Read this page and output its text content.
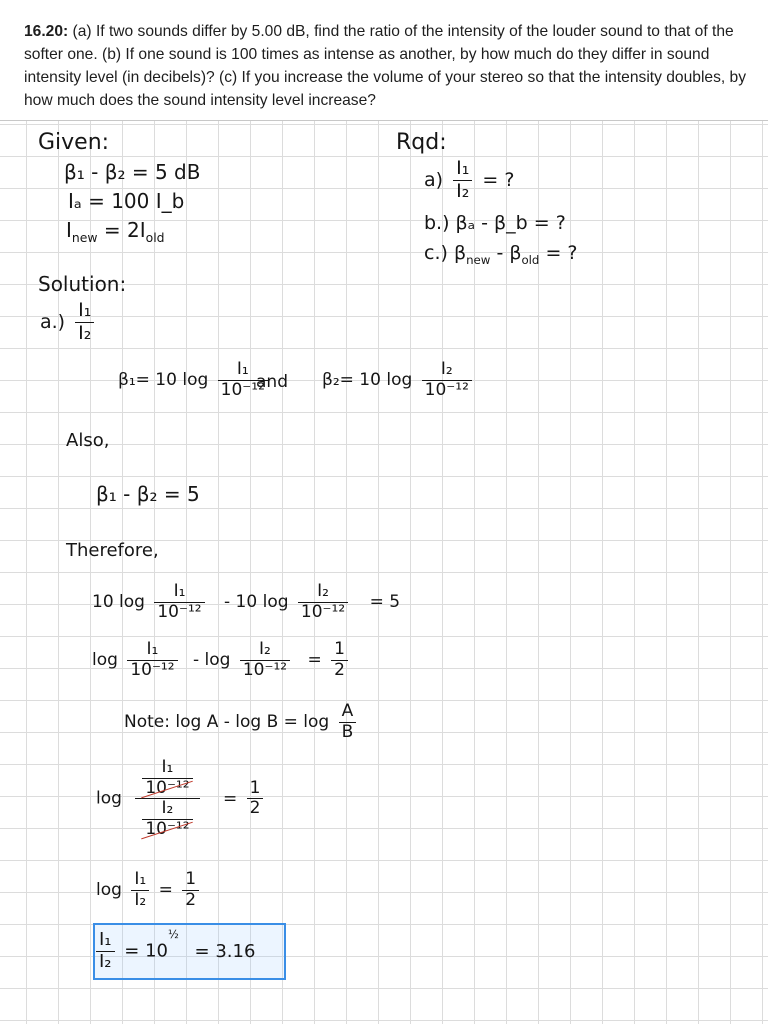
16.20: (a) If two sounds differ by 5.00 dB, find the ratio of the intensity of the louder sound to that of the softer one. (b) If one sound is 100 times as intense as another, by how much do they differ in sound intensity level (in decibels)? (c) If you increase the volume of your stereo so that the intensity doubles, by how much does the sound intensity level increase?

Given:
β₁ - β₂ = 5 dB
Iₐ = 100 I_b
$I_{new} = 2I_{old}$
Rqd:
$a) \frac{\text{I₁}}{\text{I₂}}$ = ?
b.) βₐ - β_b = ?
c.) $\beta_{new} - \beta_{old}$ = ?
Solution:
$a.) \frac{\text{I₁}}{\text{I₂}}$
β₁= 10 $\log \frac{\text{I₁}}{\text{10⁻¹²}}$
and β₂= 10 $\log \frac{\text{I₂}}{\text{10⁻¹²}}$
Also,
β₁ - β₂ = 5
Therefore,
10 $\log \frac{\text{I₁}}{\text{10⁻¹²}} - 10$ $\log \frac{\text{I₂}}{\text{10⁻¹²}} = 5$
$\log \frac{\text{I₁}}{\text{10⁻¹²}} - \log \frac{\text{I₂}}{\text{10⁻¹²}} = \frac{1}{2}$
Note: $\log A - \log B = \log \frac{A}{B}$
$\log \frac{\frac{\text{I₁}}{\text{10⁻¹²}}}{\frac{\text{I₂}}{\text{10⁻¹²}}} = \frac{1}{2}$
$\log \frac{\text{I₁}}{\text{I₂}} = \frac{1}{2}$
$\frac{\text{I₁}}{\text{I₂}} = 10^{\frac{1}{2}} = 3.16$
